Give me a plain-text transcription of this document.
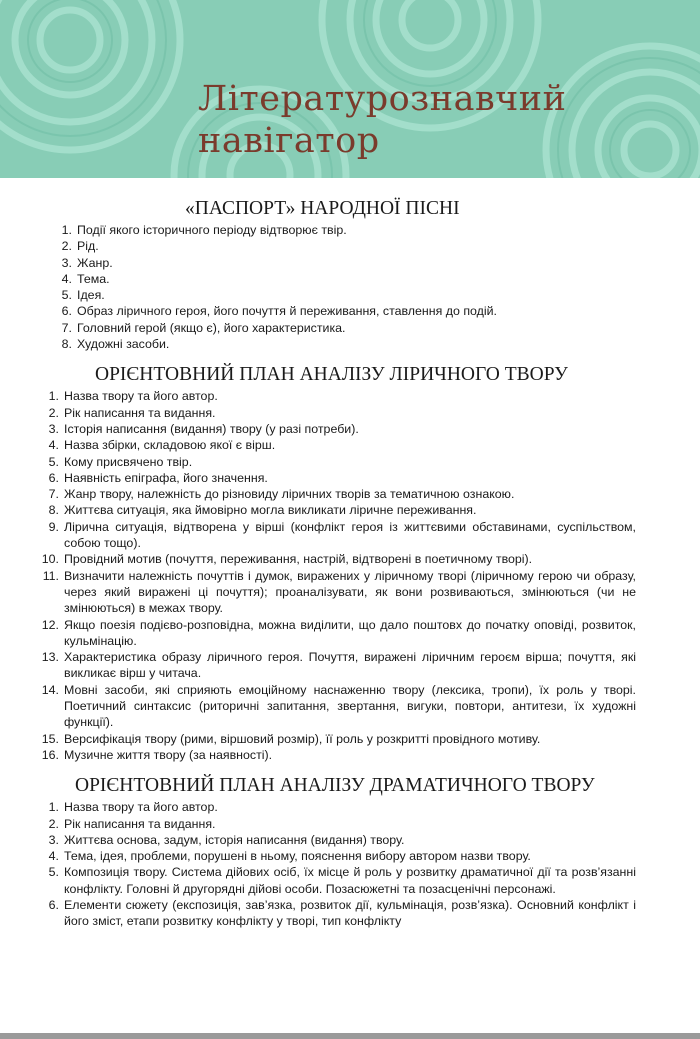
Літературознавчий
навігатор
«ПАСПОРТ» НАРОДНОЇ ПІСНІ
1. Події якого історичного періоду відтворює твір.
2. Рід.
3. Жанр.
4. Тема.
5. Ідея.
6. Образ ліричного героя, його почуття й переживання, ставлення до подій.
7. Головний герой (якщо є), його характеристика.
8. Художні засоби.
ОРІЄНТОВНИЙ ПЛАН АНАЛІЗУ ЛІРИЧНОГО ТВОРУ
1. Назва твору та його автор.
2. Рік написання та видання.
3. Історія написання (видання) твору (у разі потреби).
4. Назва збірки, складовою якої є вірш.
5. Кому присвячено твір.
6. Наявність епіграфа, його значення.
7. Жанр твору, належність до різновиду ліричних творів за тематичною ознакою.
8. Життєва ситуація, яка ймовірно могла викликати ліричне переживання.
9. Лірична ситуація, відтворена у вірші (конфлікт героя із життєвими обставинами, суспільством, собою тощо).
10. Провідний мотив (почуття, переживання, настрій, відтворені в поетичному творі).
11. Визначити належність почуттів і думок, виражених у ліричному творі (ліричному герою чи образу, через який виражені ці почуття); проаналізувати, як вони розвиваються, змінюються (чи не змінюються) в межах твору.
12. Якщо поезія подієво-розповідна, можна виділити, що дало поштовх до початку оповіді, розвиток, кульмінацію.
13. Характеристика образу ліричного героя. Почуття, виражені ліричним героєм вірша; почуття, які викликає вірш у читача.
14. Мовні засоби, які сприяють емоційному наснаженню твору (лексика, тропи), їх роль у творі. Поетичний синтаксис (риторичні запитання, звертання, вигуки, повтори, антитези, їх художні функції).
15. Версифікація твору (рими, віршовий розмір), її роль у розкритті провідного мотиву.
16. Музичне життя твору (за наявності).
ОРІЄНТОВНИЙ ПЛАН АНАЛІЗУ ДРАМАТИЧНОГО ТВОРУ
1. Назва твору та його автор.
2. Рік написання та видання.
3. Життєва основа, задум, історія написання (видання) твору.
4. Тема, ідея, проблеми, порушені в ньому, пояснення вибору автором назви твору.
5. Композиція твору. Система дійових осіб, їх місце й роль у розвитку драматичної дії та розв’язанні конфлікту. Головні й другорядні дійові особи. Позасюжетні та позасценічні персонажі.
6. Елементи сюжету (експозиція, зав’язка, розвиток дії, кульмінація, розв’язка). Основний конфлікт і його зміст, етапи розвитку конфлікту у творі, тип конфлікту
